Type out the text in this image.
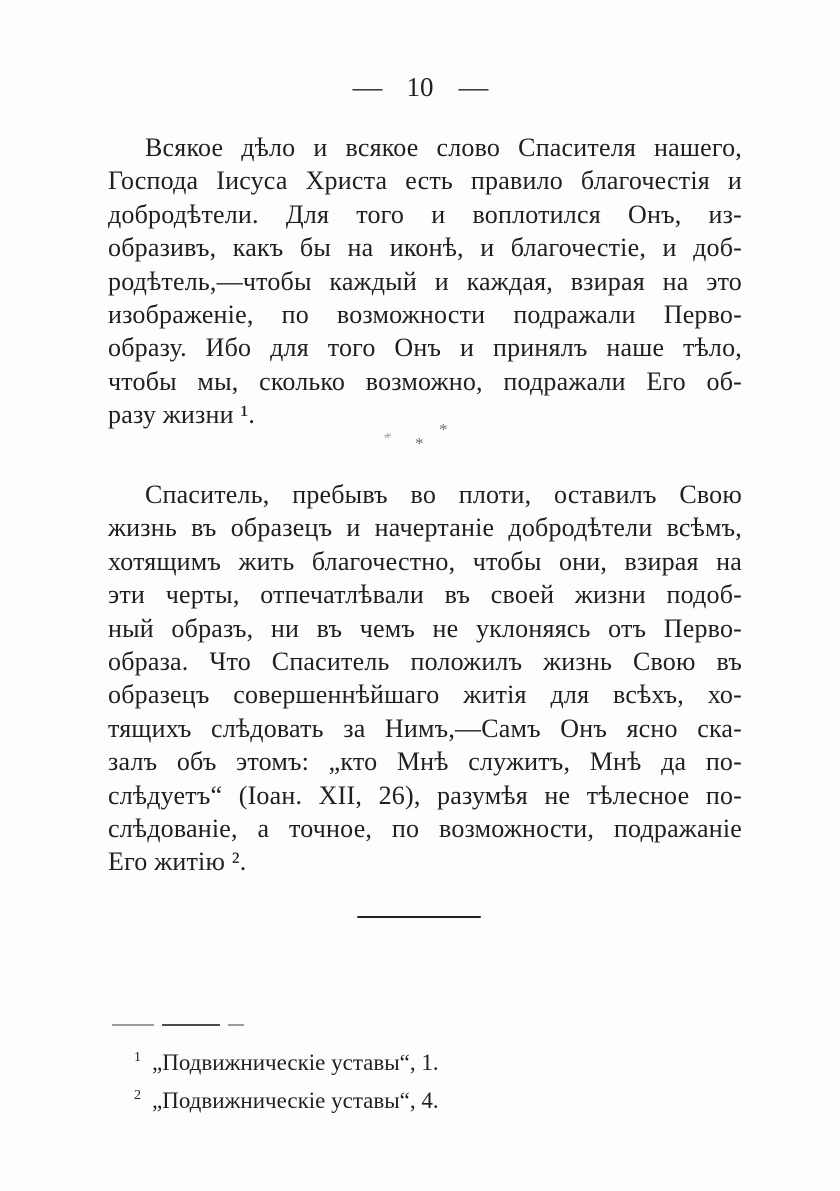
— 10 —
Всякое дѣло и всякое слово Спасителя нашего,
Господа Іисуса Христа есть правило благочестія и
добродѣтели. Для того и воплотился Онъ, из-
образивъ, какъ бы на иконѣ, и благочестіе, и доб-
родѣтель,—чтобы каждый и каждая, взирая на это
изображеніе, по возможности подражали Перво-
образу. Ибо для того Онъ и принялъ наше тѣло,
чтобы мы, сколько возможно, подражали Его об-
разу жизни ¹.
*	*
*
Спаситель, пребывъ во плоти, оставилъ Свою
жизнь въ образецъ и начертаніе добродѣтели всѣмъ,
хотящимъ жить благочестно, чтобы они, взирая на
эти черты, отпечатлѣвали въ своей жизни подоб-
ный образъ, ни въ чемъ не уклоняясь отъ Перво-
образа. Что Спаситель положилъ жизнь Свою въ
образецъ совершеннѣйшаго житія для всѣхъ, хо-
тящихъ слѣдовать за Нимъ,—Самъ Онъ ясно ска-
залъ объ этомъ: „кто Мнѣ служитъ, Мнѣ да по-
слѣдуетъ“ (Іоан. XII, 26), разумѣя не тѣлесное по-
слѣдованіе, а точное, по возможности, подражаніе
Его житію ².
$^1$ „Подвижническіе уставы“, 1.
$^2$ „Подвижническіе уставы“, 4.
